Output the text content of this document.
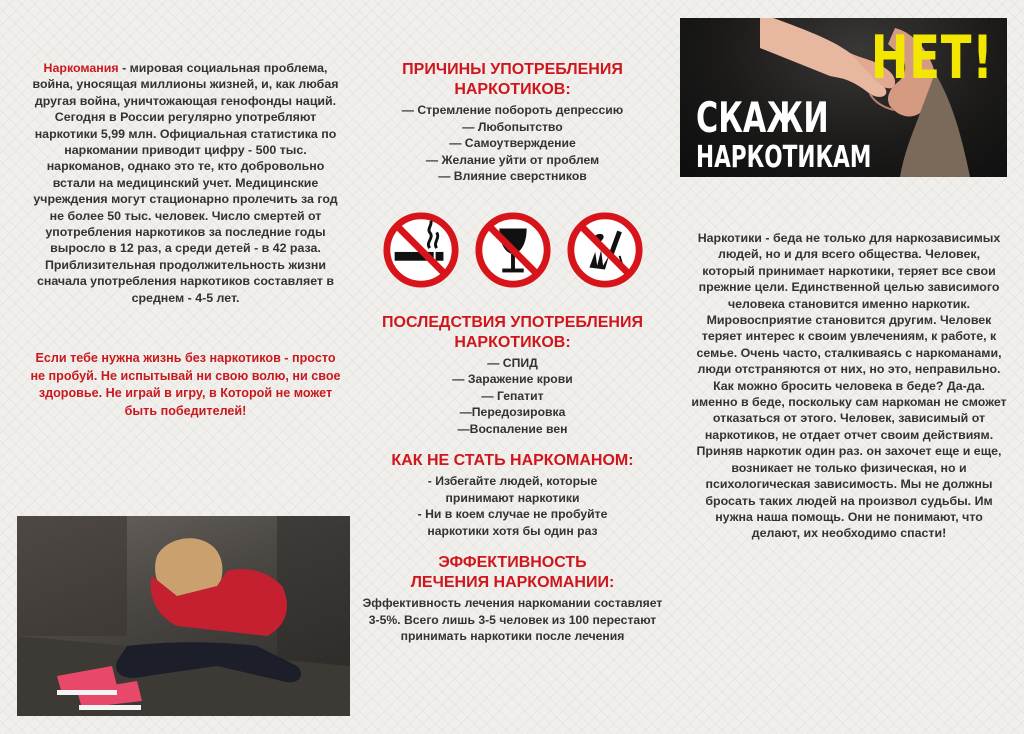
Наркомания - мировая социальная проблема, война, уносящая миллионы жизней, и, как любая другая война, уничтожающая генофонды наций. Сегодня в России регулярно употребляют наркотики 5,99 млн. Официальная статистика по наркомании приводит цифру - 500 тыс. наркоманов, однако это те, кто добровольно встали на медицинский учет. Медицинские учреждения могут стационарно пролечить за год не более 50 тыс. человек. Число смертей от употребления наркотиков за последние годы выросло в 12 раз, а среди детей - в 42 раза. Приблизительная продолжительность жизни сначала употребления наркотиков составляет в среднем - 4-5 лет.

Если тебе нужна жизнь без наркотиков - просто не пробуй. Не испытывай ни свою волю, ни свое здоровье. Не играй в игру, в Которой не может быть победителей!

ПРИЧИНЫ УПОТРЕБЛЕНИЯ НАРКОТИКОВ:
— Стремление побороть депрессию
— Любопытство
— Самоутверждение
— Желание уйти от проблем
— Влияние сверстников
ПОСЛЕДСТВИЯ УПОТРЕБЛЕНИЯ НАРКОТИКОВ:
— СПИД
— Заражение крови
— Гепатит
—Передозировка
—Воспаление вен
КАК НЕ СТАТЬ НАРКОМАНОМ:
- Избегайте людей, которые принимают наркотики
- Ни в коем случае не пробуйте наркотики хотя бы один раз
ЭФФЕКТИВНОСТЬ ЛЕЧЕНИЯ НАРКОМАНИИ:

Эффективность лечения наркомании составляет 3-5%. Всего лишь 3-5 человек из 100 перестают принимать наркотики после лечения

НЕТ!
СКАЖИ
НАРКОТИКАМ

Наркотики - беда не только для наркозависимых людей, но и для всего общества. Человек, который принимает наркотики, теряет все свои прежние цели. Единственной целью зависимого человека становится именно наркотик. Мировосприятие становится другим. Человек теряет интерес к своим увлечениям, к работе, к семье. Очень часто, сталкиваясь с наркоманами, люди отстраняются от них, но это, неправильно. Как можно бросить человека в беде? Да-да. именно в беде, поскольку сам наркоман не сможет отказаться от этого. Человек, зависимый от наркотиков, не отдает отчет своим действиям. Приняв наркотик один раз. он захочет еще и еще, возникает не только физическая, но и психологическая зависимость. Мы не должны бросать таких людей на произвол судьбы. Им нужна наша помощь. Они не понимают, что делают, их необходимо спасти!
